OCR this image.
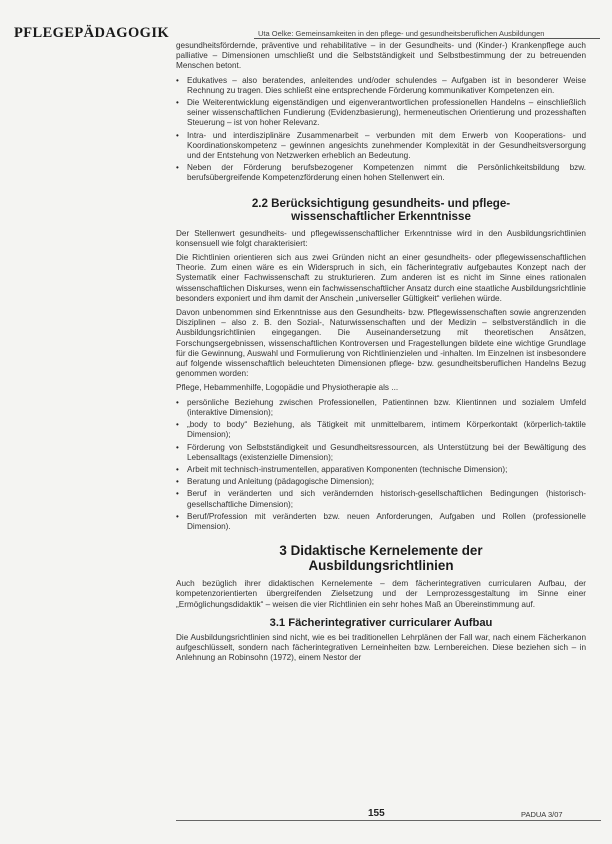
PFLEGEPÄDAGOGIK	Uta Oelke: Gemeinsamkeiten in den pflege- und gesundheitsberuflichen Ausbildungen

gesundheitsfördernde, präventive und rehabilitative – in der Gesundheits- und (Kinder-) Krankenpflege auch palliative – Dimensionen umschließt und die Selbstständigkeit und Selbstbestimmung der zu betreuenden Menschen betont.

• Edukatives – also beratendes, anleitendes und/oder schulendes – Aufgaben ist in besonderer Weise Rechnung zu tragen. Dies schließt eine entsprechende Förderung kommunikativer Kompetenzen ein.
• Die Weiterentwicklung eigenständigen und eigenverantwortlichen professionellen Handelns – einschließlich seiner wissenschaftlichen Fundierung (Evidenzbasierung), hermeneutischen Orientierung und prozesshaften Steuerung – ist von hoher Relevanz.
• Intra- und interdisziplinäre Zusammenarbeit – verbunden mit dem Erwerb von Kooperations- und Koordinationskompetenz – gewinnen angesichts zunehmender Komplexität in der Gesundheitsversorgung und der Entstehung von Netzwerken erheblich an Bedeutung.
• Neben der Förderung berufsbezogener Kompetenzen nimmt die Persönlichkeitsbildung bzw. berufsübergreifende Kompetenzförderung einen hohen Stellenwert ein.
2.2 Berücksichtigung gesundheits- und pflege-
wissenschaftlicher Erkenntnisse

Der Stellenwert gesundheits- und pflegewissenschaftlicher Erkenntnisse wird in den Ausbildungsrichtlinien konsensuell wie folgt charakterisiert:

Die Richtlinien orientieren sich aus zwei Gründen nicht an einer gesundheits- oder pflegewissenschaftlichen Theorie. Zum einen wäre es ein Widerspruch in sich, ein fächerintegrativ aufgebautes Konzept nach der Systematik einer Fachwissenschaft zu strukturieren. Zum anderen ist es nicht im Sinne eines rationalen wissenschaftlichen Diskurses, wenn ein fachwissenschaftlicher Ansatz durch eine staatliche Ausbildungsrichtlinie besonders exponiert und ihm damit der Anschein „universeller Gültigkeit“ verliehen würde.

Davon unbenommen sind Erkenntnisse aus den Gesundheits- bzw. Pflegewissenschaften sowie angrenzenden Disziplinen – also z. B. den Sozial-, Naturwissenschaften und der Medizin – selbstverständlich in die Ausbildungsrichtlinien eingegangen. Die Auseinandersetzung mit theoretischen Ansätzen, Forschungsergebnissen, wissenschaftlichen Kontroversen und Fragestellungen bildete eine wichtige Grundlage für die Gewinnung, Auswahl und Formulierung von Richtlinienzielen und -inhalten. Im Einzelnen ist insbesondere auf folgende wissenschaftlich beleuchteten Dimensionen pflege- bzw. gesundheitsberuflichen Handelns Bezug genommen worden:

Pflege, Hebammenhilfe, Logopädie und Physiotherapie als ...

• persönliche Beziehung zwischen Professionellen, Patientinnen bzw. Klientinnen und sozialem Umfeld (interaktive Dimension);
• „body to body“ Beziehung, als Tätigkeit mit unmittelbarem, intimem Körperkontakt (körperlich-taktile Dimension);
• Förderung von Selbstständigkeit und Gesundheitsressourcen, als Unterstützung bei der Bewältigung des Lebensalltags (existenzielle Dimension);
• Arbeit mit technisch-instrumentellen, apparativen Komponenten (technische Dimension);
• Beratung und Anleitung (pädagogische Dimension);
• Beruf in veränderten und sich verändernden historisch-gesellschaftlichen Bedingungen (historisch-gesellschaftliche Dimension);
• Beruf/Profession mit veränderten bzw. neuen Anforderungen, Aufgaben und Rollen (professionelle Dimension).
3 Didaktische Kernelemente der
Ausbildungsrichtlinien

Auch bezüglich ihrer didaktischen Kernelemente – dem fächerintegrativen curricularen Aufbau, der kompetenzorientierten übergreifenden Zielsetzung und der Lernprozessgestaltung im Sinne einer „Ermöglichungsdidaktik“ – weisen die vier Richtlinien ein sehr hohes Maß an Übereinstimmung auf.

3.1 Fächerintegrativer curricularer Aufbau

Die Ausbildungsrichtlinien sind nicht, wie es bei traditionellen Lehrplänen der Fall war, nach einem Fächerkanon aufgeschlüsselt, sondern nach fächerintegrativen Lerneinheiten bzw. Lernbereichen. Diese beziehen sich – in Anlehnung an Robinsohn (1972), einem Nestor der

155	PADUA 3/07
